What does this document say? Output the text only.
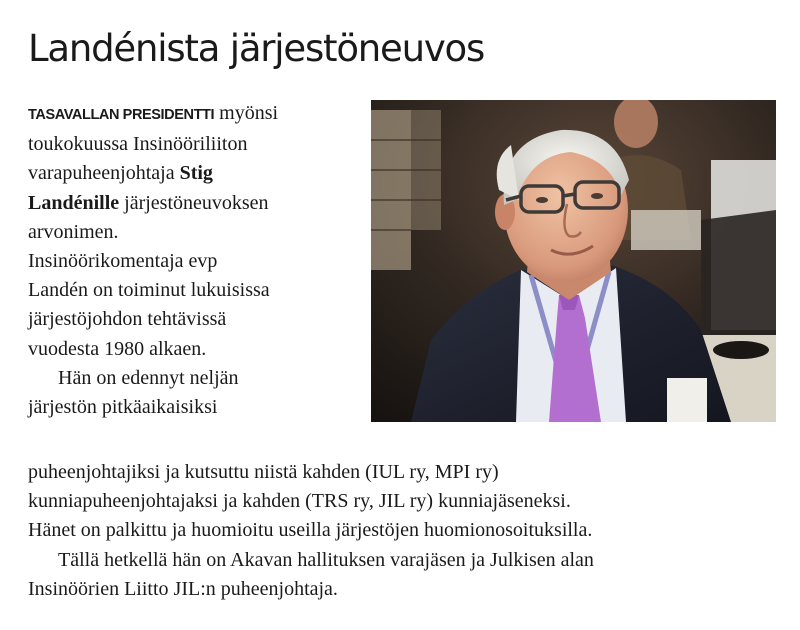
Landénista järjestöneuvos
TASAVALLAN PRESIDENTTI myönsi
toukokuussa Insinööriliiton
varapuheenjohtaja Stig
Landénille järjestöneuvoksen
arvonimen.
Insinöörikomentaja evp
Landén on toiminut lukuisissa
järjestöjohdon tehtävissä
vuodesta 1980 alkaen.
Hän on edennyt neljän
järjestön pitkäaikaisiksi
puheenjohtajiksi ja kutsuttu niistä kahden (IUL ry, MPI ry)
kunniapuheenjohtajaksi ja kahden (TRS ry, JIL ry) kunniajäseneksi.
Hänet on palkittu ja huomioitu useilla järjestöjen huomionosoituksilla.
Tällä hetkellä hän on Akavan hallituksen varajäsen ja Julkisen alan
Insinöörien Liitto JIL:n puheenjohtaja.
